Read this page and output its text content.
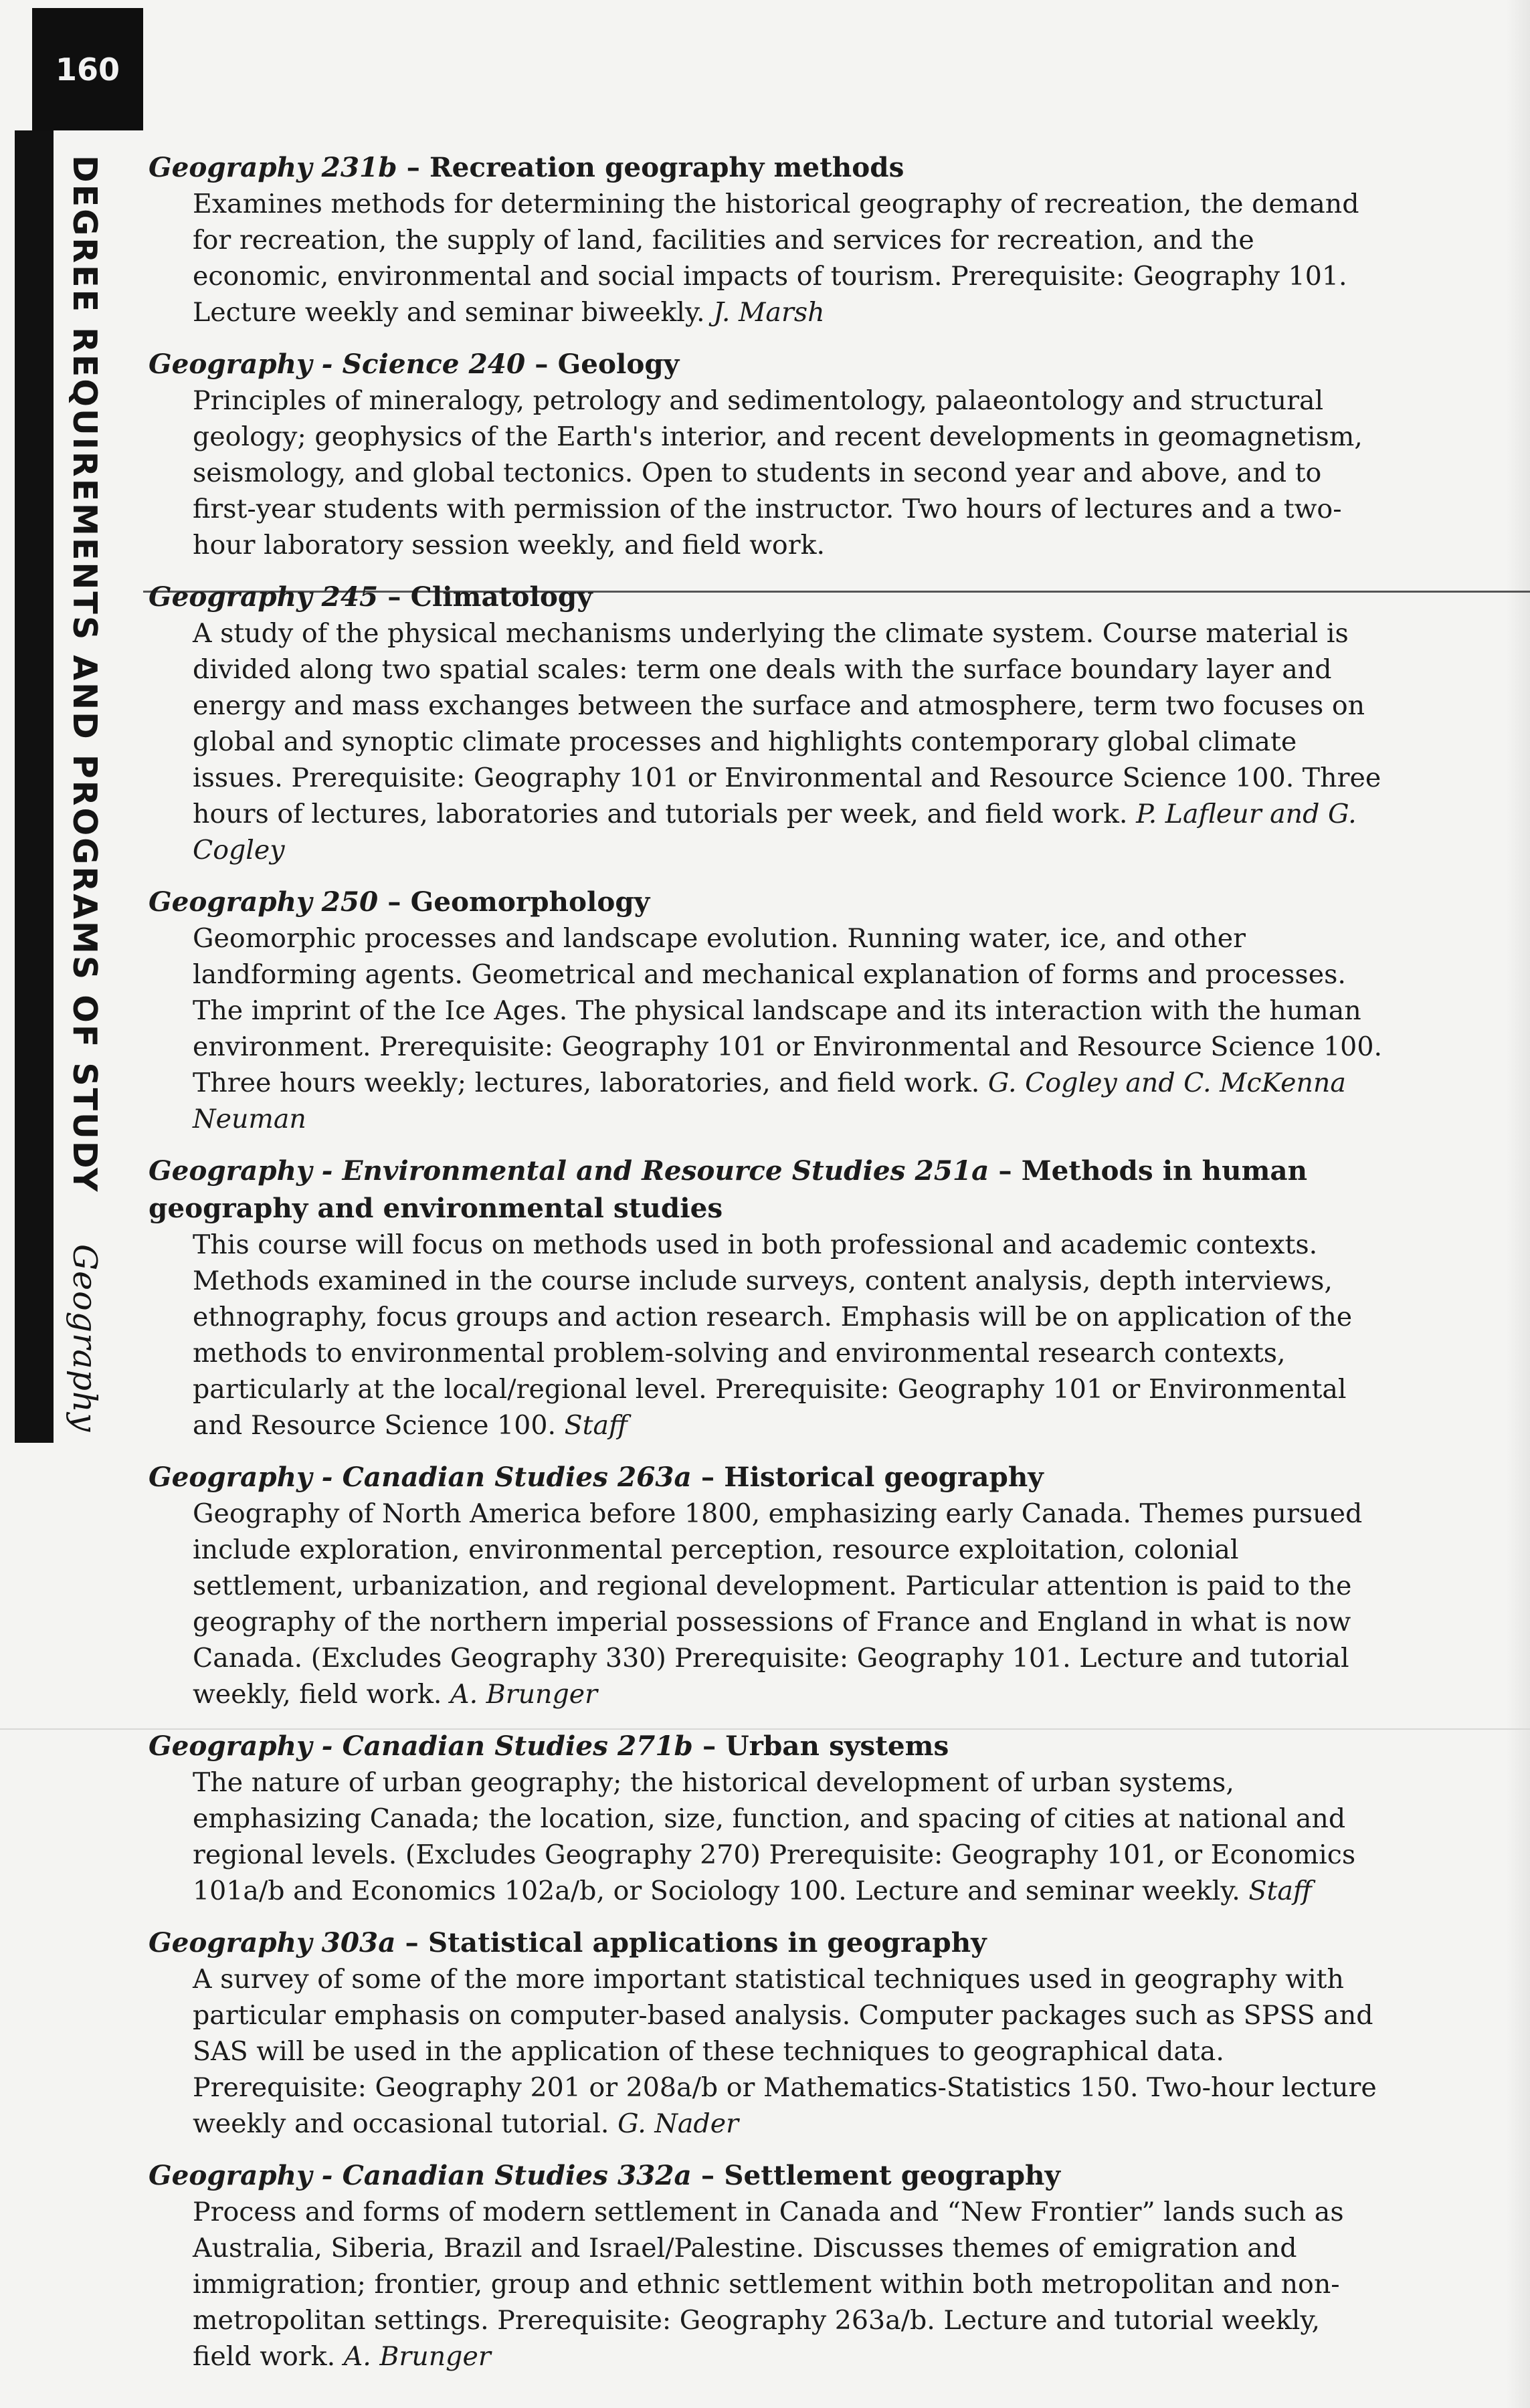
160
DEGREE REQUIREMENTS AND PROGRAMS OF STUDY Geography
Geography 231b – Recreation geography methods
Examines methods for determining the historical geography of recreation, the demand for recreation, the supply of land, facilities and services for recreation, and the economic, environmental and social impacts of tourism. Prerequisite: Geography 101. Lecture weekly and seminar biweekly. J. Marsh
Geography - Science 240 – Geology
Principles of mineralogy, petrology and sedimentology, palaeontology and structural geology; geophysics of the Earth's interior, and recent developments in geomagnetism, seismology, and global tectonics. Open to students in second year and above, and to first-year students with permission of the instructor. Two hours of lectures and a two-hour laboratory session weekly, and field work.
Geography 245 – Climatology
A study of the physical mechanisms underlying the climate system. Course material is divided along two spatial scales: term one deals with the surface boundary layer and energy and mass exchanges between the surface and atmosphere, term two focuses on global and synoptic climate processes and highlights contemporary global climate issues. Prerequisite: Geography 101 or Environmental and Resource Science 100. Three hours of lectures, laboratories and tutorials per week, and field work. P. Lafleur and G. Cogley
Geography 250 – Geomorphology
Geomorphic processes and landscape evolution. Running water, ice, and other landforming agents. Geometrical and mechanical explanation of forms and processes. The imprint of the Ice Ages. The physical landscape and its interaction with the human environment. Prerequisite: Geography 101 or Environmental and Resource Science 100. Three hours weekly; lectures, laboratories, and field work. G. Cogley and C. McKenna Neuman
Geography - Environmental and Resource Studies 251a – Methods in human geography and environmental studies
This course will focus on methods used in both professional and academic contexts. Methods examined in the course include surveys, content analysis, depth interviews, ethnography, focus groups and action research. Emphasis will be on application of the methods to environmental problem-solving and environmental research contexts, particularly at the local/regional level. Prerequisite: Geography 101 or Environmental and Resource Science 100. Staff
Geography - Canadian Studies 263a – Historical geography
Geography of North America before 1800, emphasizing early Canada. Themes pursued include exploration, environmental perception, resource exploitation, colonial settlement, urbanization, and regional development. Particular attention is paid to the geography of the northern imperial possessions of France and England in what is now Canada. (Excludes Geography 330) Prerequisite: Geography 101. Lecture and tutorial weekly, field work. A. Brunger
Geography - Canadian Studies 271b – Urban systems
The nature of urban geography; the historical development of urban systems, emphasizing Canada; the location, size, function, and spacing of cities at national and regional levels. (Excludes Geography 270) Prerequisite: Geography 101, or Economics 101a/b and Economics 102a/b, or Sociology 100. Lecture and seminar weekly. Staff
Geography 303a – Statistical applications in geography
A survey of some of the more important statistical techniques used in geography with particular emphasis on computer-based analysis. Computer packages such as SPSS and SAS will be used in the application of these techniques to geographical data. Prerequisite: Geography 201 or 208a/b or Mathematics-Statistics 150. Two-hour lecture weekly and occasional tutorial. G. Nader
Geography - Canadian Studies 332a – Settlement geography
Process and forms of modern settlement in Canada and “New Frontier” lands such as Australia, Siberia, Brazil and Israel/Palestine. Discusses themes of emigration and immigration; frontier, group and ethnic settlement within both metropolitan and non-metropolitan settings. Prerequisite: Geography 263a/b. Lecture and tutorial weekly, field work. A. Brunger
